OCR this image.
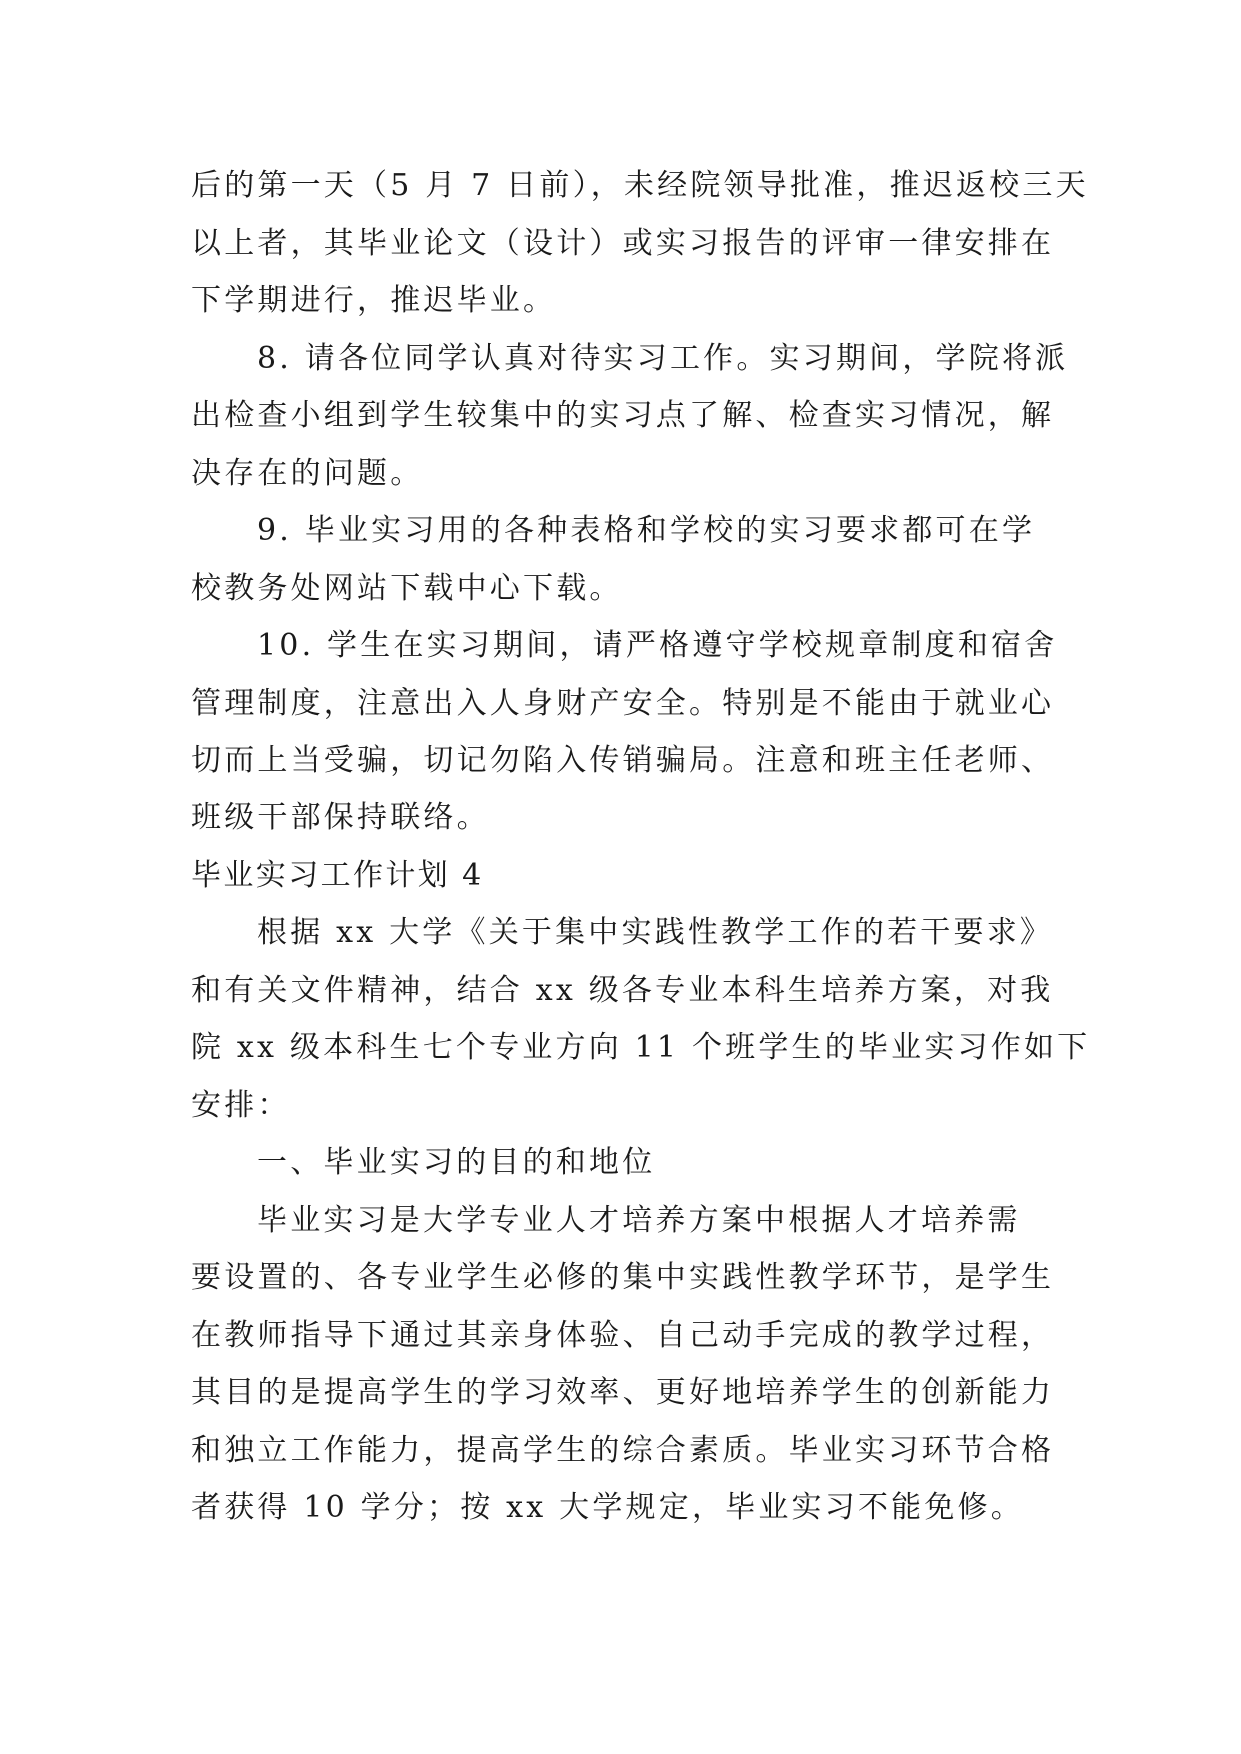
后的第一天（5 月 7 日前），未经院领导批准，推迟返校三天
以上者，其毕业论文（设计）或实习报告的评审一律安排在
下学期进行，推迟毕业。
8. 请各位同学认真对待实习工作。实习期间，学院将派
出检查小组到学生较集中的实习点了解、检查实习情况，解
决存在的问题。
9. 毕业实习用的各种表格和学校的实习要求都可在学
校教务处网站下载中心下载。
10. 学生在实习期间，请严格遵守学校规章制度和宿舍
管理制度，注意出入人身财产安全。特别是不能由于就业心
切而上当受骗，切记勿陷入传销骗局。注意和班主任老师、
班级干部保持联络。
毕业实习工作计划 4
根据 xx 大学《关于集中实践性教学工作的若干要求》
和有关文件精神，结合 xx 级各专业本科生培养方案，对我
院 xx 级本科生七个专业方向 11 个班学生的毕业实习作如下
安排：
一、毕业实习的目的和地位
毕业实习是大学专业人才培养方案中根据人才培养需
要设置的、各专业学生必修的集中实践性教学环节，是学生
在教师指导下通过其亲身体验、自己动手完成的教学过程，
其目的是提高学生的学习效率、更好地培养学生的创新能力
和独立工作能力，提高学生的综合素质。毕业实习环节合格
者获得 10 学分；按 xx 大学规定，毕业实习不能免修。
